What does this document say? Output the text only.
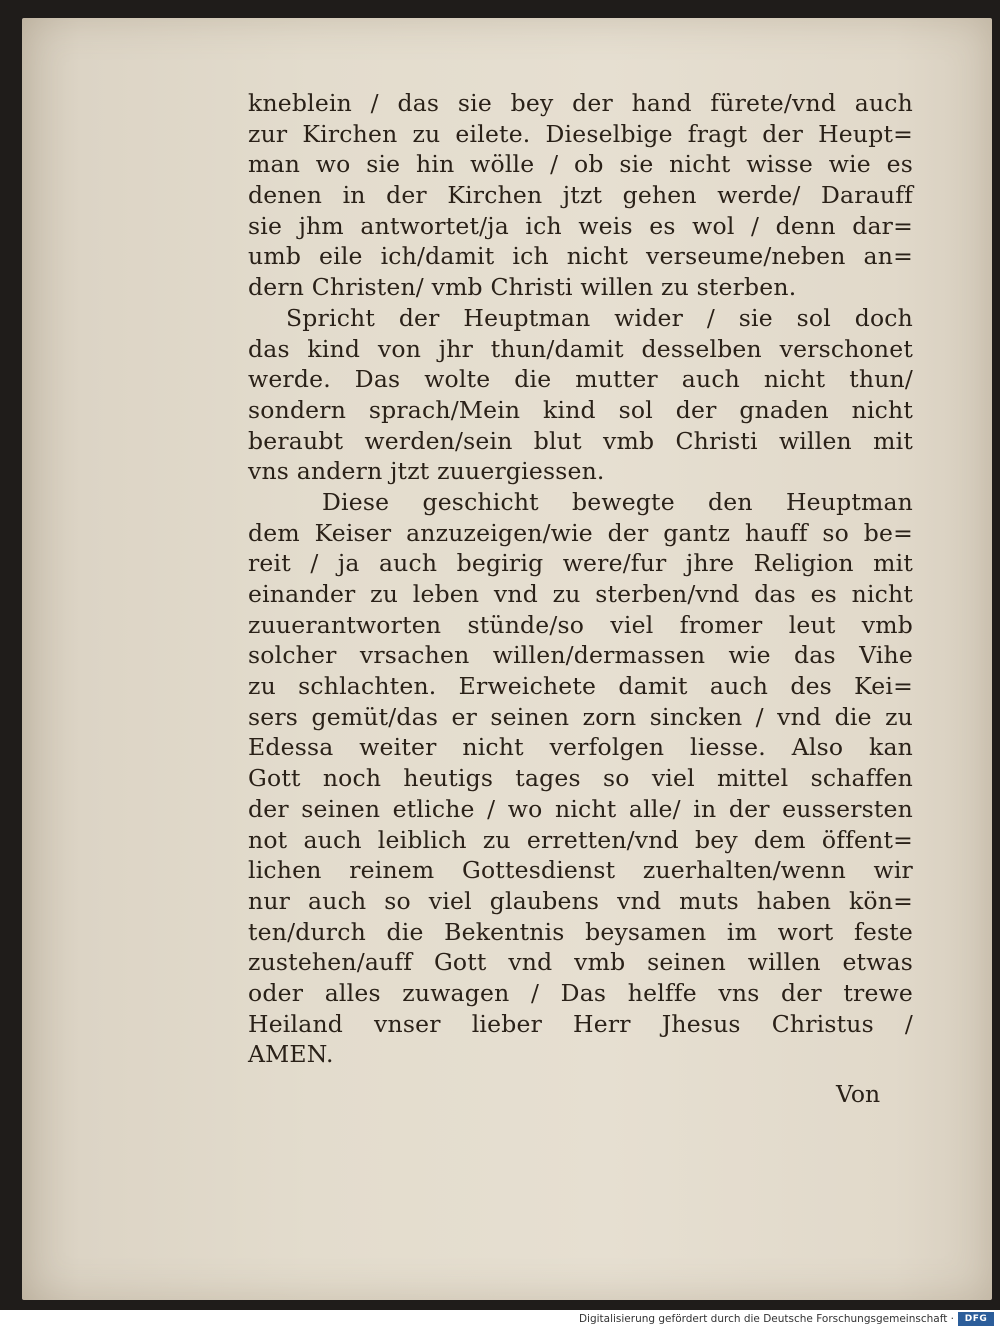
kneblein / das sie bey der hand fürete/vnd auch
zur Kirchen zu eilete. Dieselbige fragt der Heupt=
man wo sie hin wölle / ob sie nicht wisse wie es
denen in der Kirchen jtzt gehen werde/ Darauff
sie jhm antwortet/ja ich weis es wol / denn dar=
umb eile ich/damit ich nicht verseume/neben an=
dern Christen/ vmb Christi willen zu sterben.
Spricht der Heuptman wider / sie sol doch
das kind von jhr thun/damit desselben verschonet
werde. Das wolte die mutter auch nicht thun/
sondern sprach/Mein kind sol der gnaden nicht
beraubt werden/sein blut vmb Christi willen mit
vns andern jtzt zuuergiessen.
Diese geschicht bewegte den Heuptman
dem Keiser anzuzeigen/wie der gantz hauff so be=
reit / ja auch begirig were/fur jhre Religion mit
einander zu leben vnd zu sterben/vnd das es nicht
zuuerantworten stünde/so viel fromer leut vmb
solcher vrsachen willen/dermassen wie das Vihe
zu schlachten. Erweichete damit auch des Kei=
sers gemüt/das er seinen zorn sincken / vnd die zu
Edessa weiter nicht verfolgen liesse. Also kan
Gott noch heutigs tages so viel mittel schaffen
der seinen etliche / wo nicht alle/ in der eussersten
not auch leiblich zu erretten/vnd bey dem öffent=
lichen reinem Gottesdienst zuerhalten/wenn wir
nur auch so viel glaubens vnd muts haben kön=
ten/durch die Bekentnis beysamen im wort feste
zustehen/auff Gott vnd vmb seinen willen etwas
oder alles zuwagen / Das helffe vns der trewe
Heiland vnser lieber Herr Jhesus Christus /
AMEN.
Von
Digitalisierung gefördert durch die Deutsche Forschungsgemeinschaft ·	DFG
